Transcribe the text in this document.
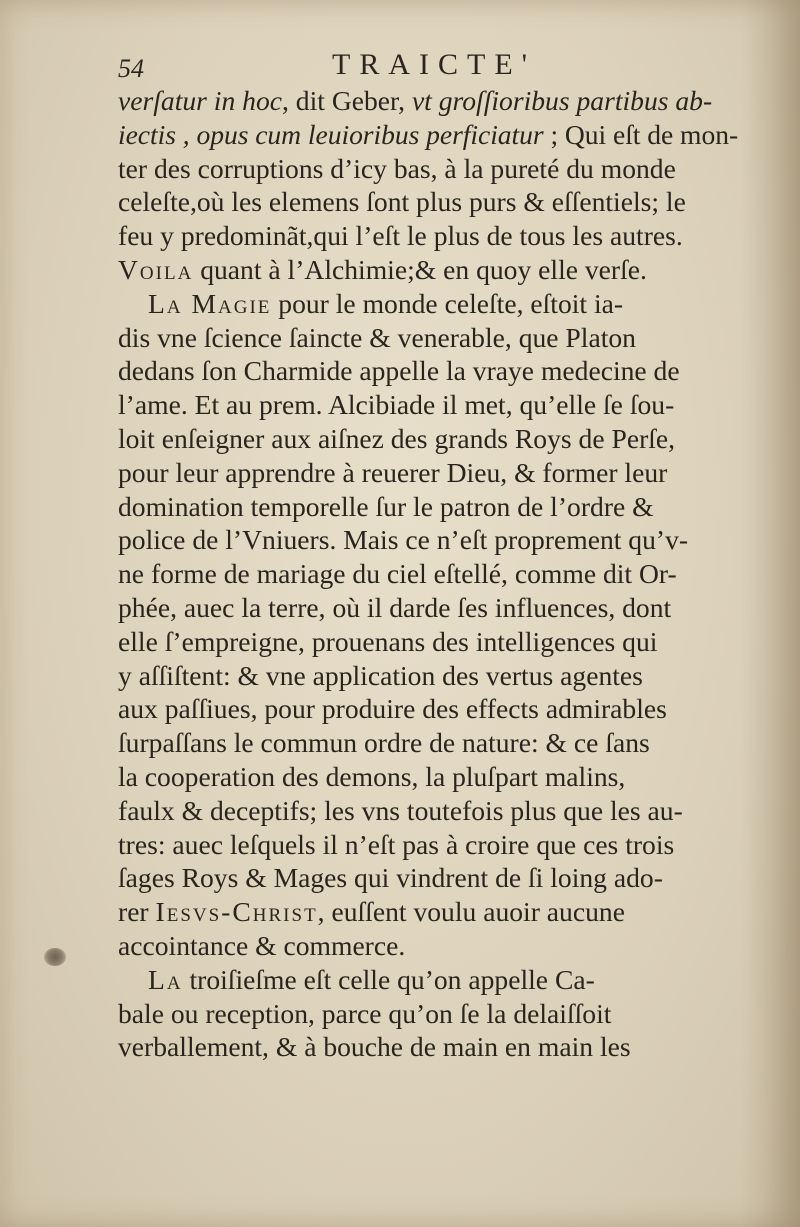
54	TRAICTE'
verſatur in hoc, dit Geber, vt groſſioribus partibus ab-
iectis , opus cum leuioribus perficiatur ; Qui eſt de mon-
ter des corruptions d’icy bas, à la pureté du monde
celeſte,où les elemens ſont plus purs & eſſentiels; le
feu y predominãt,qui l’eſt le plus de tous les autres.
Voila quant à l’Alchimie;& en quoy elle verſe.
La Magie pour le monde celeſte, eſtoit ia-
dis vne ſcience ſaincte & venerable, que Platon
dedans ſon Charmide appelle la vraye medecine de
l’ame. Et au prem. Alcibiade il met, qu’elle ſe ſou-
loit enſeigner aux aiſnez des grands Roys de Perſe,
pour leur apprendre à reuerer Dieu, & former leur
domination temporelle ſur le patron de l’ordre &
police de l’Vniuers. Mais ce n’eſt proprement qu’v-
ne forme de mariage du ciel eſtellé, comme dit Or-
phée, auec la terre, où il darde ſes influences, dont
elle ſ’empreigne, prouenans des intelligences qui
y aſſiſtent: & vne application des vertus agentes
aux paſſiues, pour produire des effects admirables
ſurpaſſans le commun ordre de nature: & ce ſans
la cooperation des demons, la pluſpart malins,
faulx & deceptifs; les vns toutefois plus que les au-
tres: auec leſquels il n’eſt pas à croire que ces trois
ſages Roys & Mages qui vindrent de ſi loing ado-
rer Iesvs-Christ, euſſent voulu auoir aucune
accointance & commerce.
La troiſieſme eſt celle qu’on appelle Ca-
bale ou reception, parce qu’on ſe la delaiſſoit
verballement, & à bouche de main en main les
